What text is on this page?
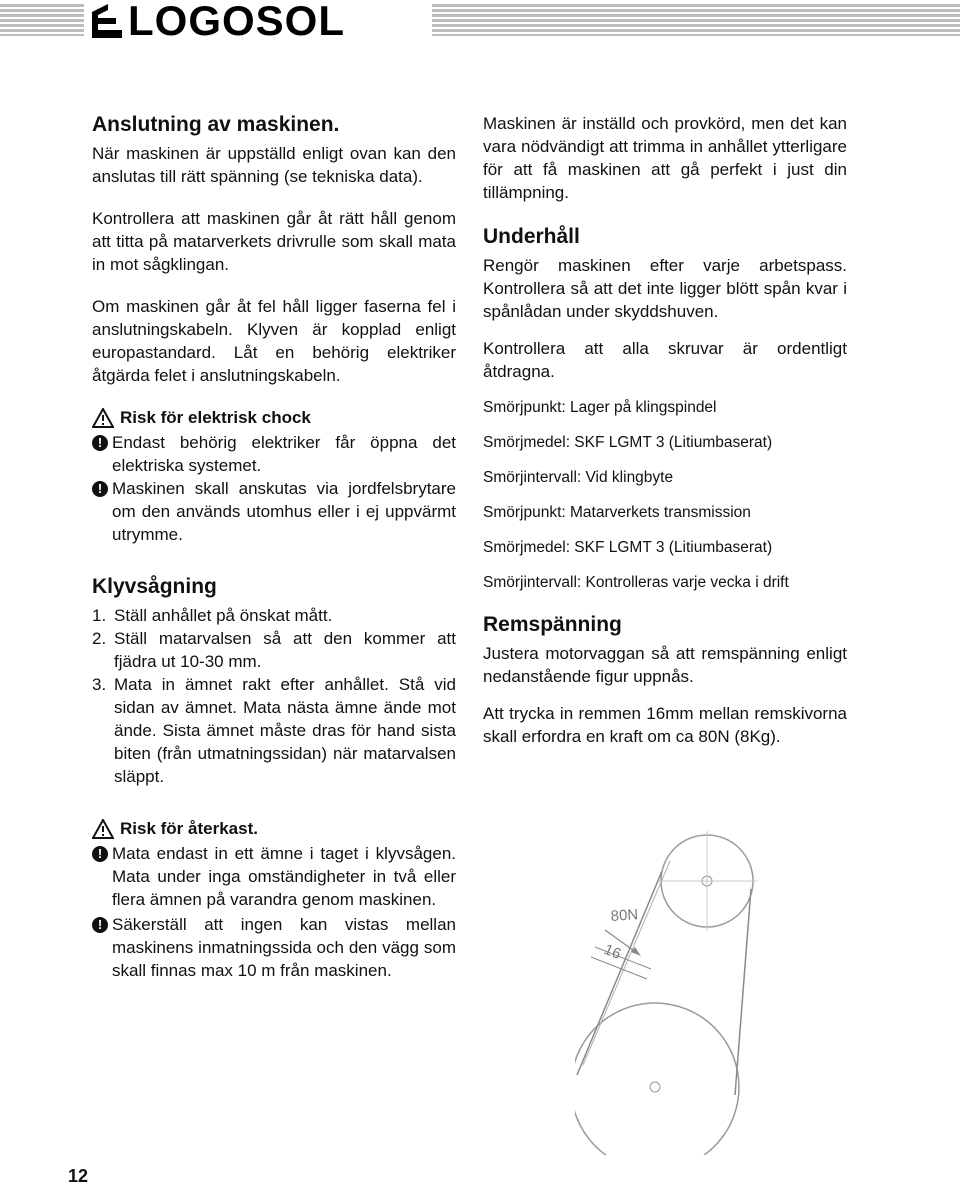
LOGOSOL
Anslutning av maskinen.

När maskinen är uppställd enligt ovan kan den anslutas till rätt spänning (se tekniska data).

Kontrollera att maskinen går åt rätt håll genom att titta på matarverkets drivrulle som skall mata in mot sågklingan.

Om maskinen går åt fel håll ligger faserna fel i anslutningskabeln. Klyven är kopplad enligt europastandard. Låt en behörig elektriker åtgärda felet i anslutningskabeln.

Risk för elektrisk chock
! Endast behörig elektriker får öppna det elektriska systemet.
! Maskinen skall anskutas via jordfelsbrytare om den används utomhus eller i ej uppvärmt utrymme.
Klyvsågning
1. Ställ anhållet på önskat mått.
2. Ställ matarvalsen så att den kommer att fjädra ut 10-30 mm.
3. Mata in ämnet rakt efter anhållet. Stå vid sidan av ämnet. Mata nästa ämne ände mot ände. Sista ämnet måste dras för hand sista biten (från utmatningssidan) när matarvalsen släppt.
Risk för återkast.
! Mata endast in ett ämne i taget i klyvsågen. Mata under inga omständigheter in två eller flera ämnen på varandra genom maskinen.
! Säkerställ att ingen kan vistas mellan maskinens inmatningssida och den vägg som skall finnas max 10 m från maskinen.

Maskinen är inställd och provkörd, men det kan vara nödvändigt att trimma in anhållet ytterligare för att få maskinen att gå perfekt i just din tillämpning.

Underhåll

Rengör maskinen efter varje arbetspass. Kontrollera så att det inte ligger blött spån kvar i spånlådan under skyddshuven.

Kontrollera att alla skruvar är ordentligt åtdragna.

Smörjpunkt: Lager på klingspindel

Smörjmedel: SKF LGMT 3 (Litiumbaserat)

Smörjintervall: Vid klingbyte

Smörjpunkt: Matarverkets transmission

Smörjmedel: SKF LGMT 3 (Litiumbaserat)

Smörjintervall: Kontrolleras varje vecka i drift

Remspänning

Justera motorvaggan så att remspänning enligt nedanstående figur uppnås.

Att trycka in remmen 16mm mellan remskivorna skall erfordra en kraft om ca 80N (8Kg).

80N
16
12
